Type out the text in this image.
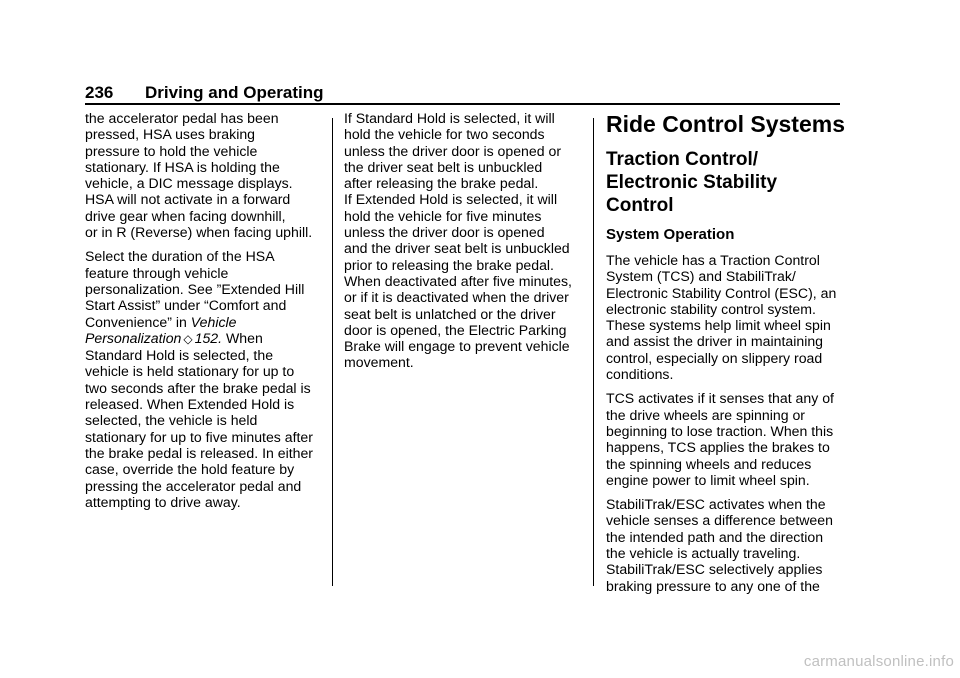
236 Driving and Operating

the accelerator pedal has been

pressed, HSA uses braking

pressure to hold the vehicle

stationary. If HSA is holding the

vehicle, a DIC message displays.

HSA will not activate in a forward

drive gear when facing downhill,

or in R (Reverse) when facing uphill.

Select the duration of the HSA feature through vehicle personalization. See ”Extended Hill Start Assist” under “Comfort and Convenience” in Vehicle Personalization ◇ 152. When Standard Hold is selected, the vehicle is held stationary for up to two seconds after the brake pedal is released. When Extended Hold is selected, the vehicle is held stationary for up to five minutes after the brake pedal is released. In either case, override the hold feature by pressing the accelerator pedal and attempting to drive away.

If Standard Hold is selected, it will

hold the vehicle for two seconds

unless the driver door is opened or

the driver seat belt is unbuckled

after releasing the brake pedal.

If Extended Hold is selected, it will

hold the vehicle for five minutes

unless the driver door is opened

and the driver seat belt is unbuckled

prior to releasing the brake pedal.

When deactivated after five minutes,

or if it is deactivated when the driver

seat belt is unlatched or the driver

door is opened, the Electric Parking

Brake will engage to prevent vehicle

movement.

Ride Control Systems
Traction Control/ Electronic Stability Control
System Operation

The vehicle has a Traction Control System (TCS) and StabiliTrak/ Electronic Stability Control (ESC), an electronic stability control system. These systems help limit wheel spin and assist the driver in maintaining control, especially on slippery road conditions.

TCS activates if it senses that any of the drive wheels are spinning or beginning to lose traction. When this happens, TCS applies the brakes to the spinning wheels and reduces engine power to limit wheel spin.

StabiliTrak/ESC activates when the vehicle senses a difference between the intended path and the direction the vehicle is actually traveling. StabiliTrak/ESC selectively applies braking pressure to any one of the

carmanualsonline.info
